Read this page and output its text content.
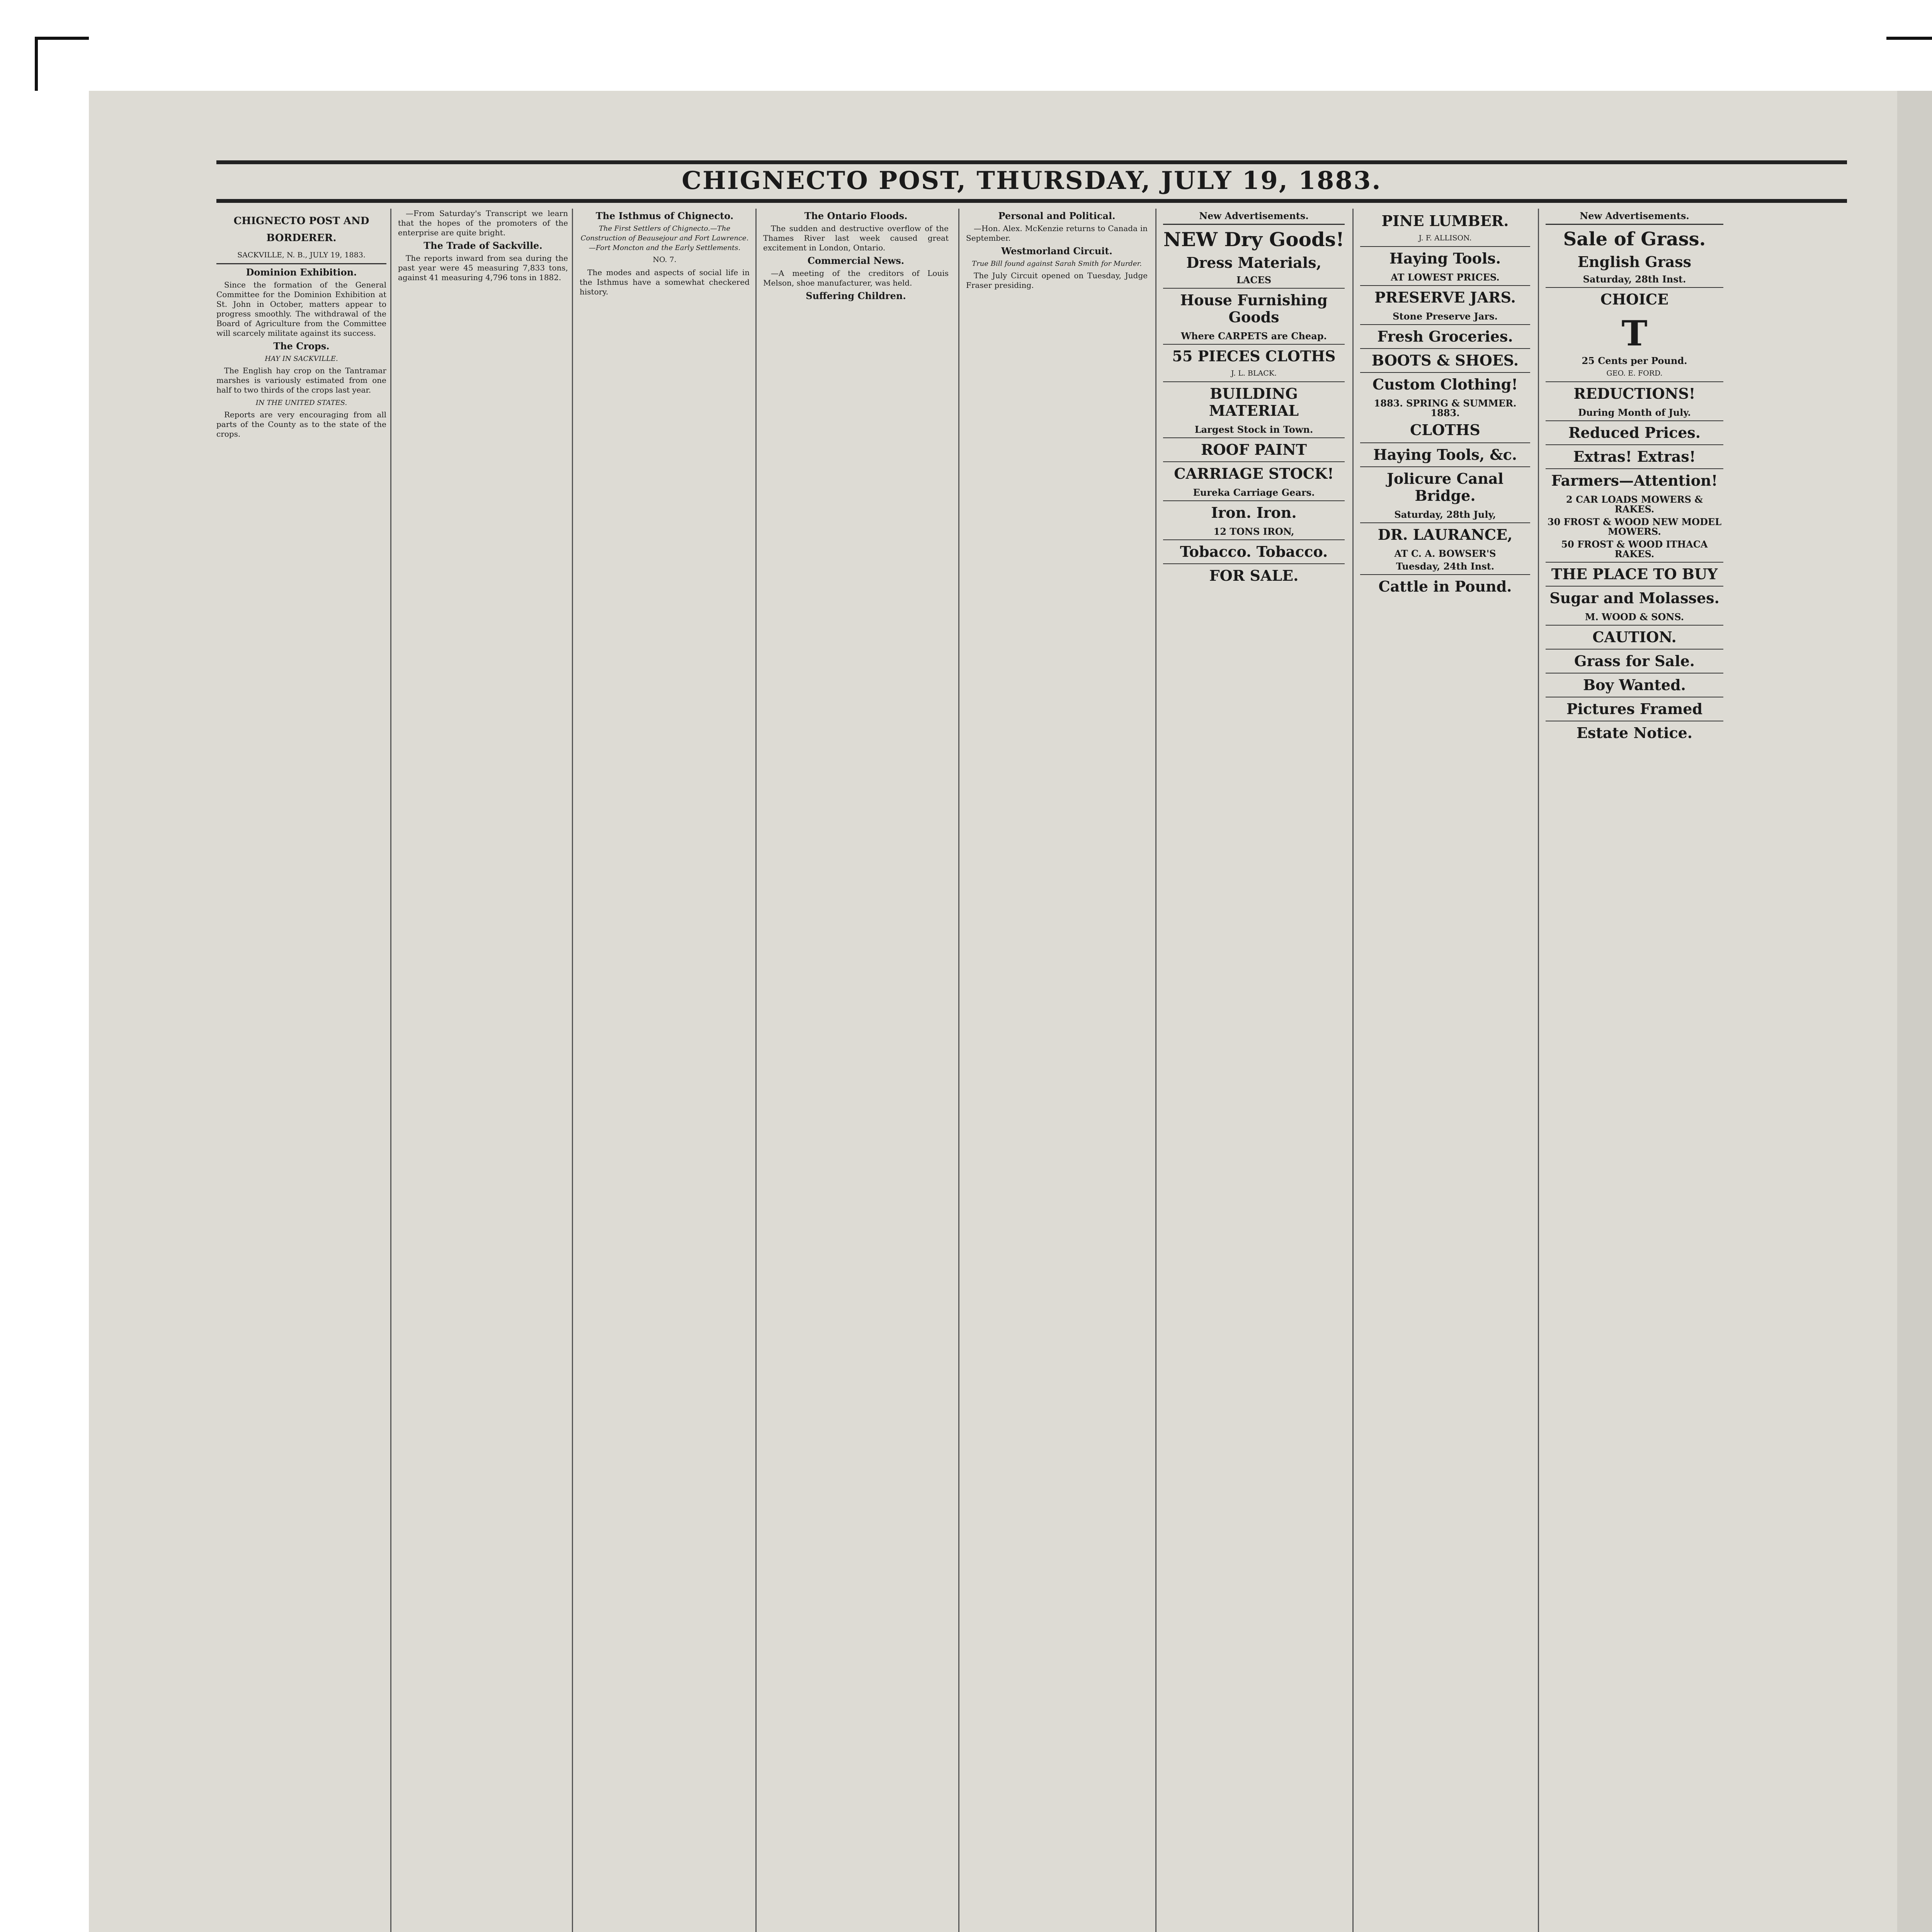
CHIGNECTO POST, THURSDAY, JULY 19, 1883.
CHIGNECTO POST AND BORDERER.
SACKVILLE, N. B., JULY 19, 1883.
Dominion Exhibition.

Since the formation of the General Committee for the Dominion Exhibition at St. John in October, matters appear to progress smoothly. The withdrawal of the Board of Agriculture from the Committee will scarcely militate against its success.

The Crops.
HAY IN SACKVILLE.

The English hay crop on the Tantramar marshes is variously estimated from one half to two thirds of the crops last year.

IN THE UNITED STATES.

Reports are very encouraging from all parts of the County as to the state of the crops.

—From Saturday's Transcript we learn that the hopes of the promoters of the enterprise are quite bright.

The Trade of Sackville.

The reports inward from sea during the past year were 45 measuring 7,833 tons, against 41 measuring 4,796 tons in 1882.

The Isthmus of Chignecto.
The First Settlers of Chignecto.—The Construction of Beausejour and Fort Lawrence.—Fort Moncton and the Early Settlements.
NO. 7.

The modes and aspects of social life in the Isthmus have a somewhat checkered history.

The Ontario Floods.

The sudden and destructive overflow of the Thames River last week caused great excitement in London, Ontario.

Commercial News.

—A meeting of the creditors of Louis Melson, shoe manufacturer, was held.

Suffering Children.
Personal and Political.

—Hon. Alex. McKenzie returns to Canada in September.

Westmorland Circuit.
True Bill found against Sarah Smith for Murder.

The July Circuit opened on Tuesday, Judge Fraser presiding.

New Advertisements.
NEW Dry Goods!
Dress Materials,
LACES
House Furnishing Goods
Where CARPETS are Cheap.
55 PIECES CLOTHS
J. L. BLACK.
BUILDING MATERIAL
Largest Stock in Town.
ROOF PAINT
CARRIAGE STOCK!
Eureka Carriage Gears.
Iron. Iron.
12 TONS IRON,
Tobacco. Tobacco.
FOR SALE.
PINE LUMBER.
J. F. ALLISON.
Haying Tools.
AT LOWEST PRICES.
PRESERVE JARS.
Stone Preserve Jars.
Fresh Groceries.
BOOTS & SHOES.
Custom Clothing!
1883. SPRING & SUMMER. 1883.
CLOTHS
Haying Tools, &c.
Jolicure Canal Bridge.
Saturday, 28th July,
DR. LAURANCE,
AT C. A. BOWSER'S
Tuesday, 24th Inst.
Cattle in Pound.
New Advertisements.
Sale of Grass.
English Grass
Saturday, 28th Inst.
CHOICE
T
25 Cents per Pound.
GEO. E. FORD.
REDUCTIONS!
During Month of July.
Reduced Prices.
Extras! Extras!
Farmers—Attention!
2 CAR LOADS MOWERS & RAKES.
30 FROST & WOOD NEW MODEL MOWERS.
50 FROST & WOOD ITHACA RAKES.
THE PLACE TO BUY
Sugar and Molasses.
M. WOOD & SONS.
CAUTION.
Grass for Sale.
Boy Wanted.
Pictures Framed
Estate Notice.
